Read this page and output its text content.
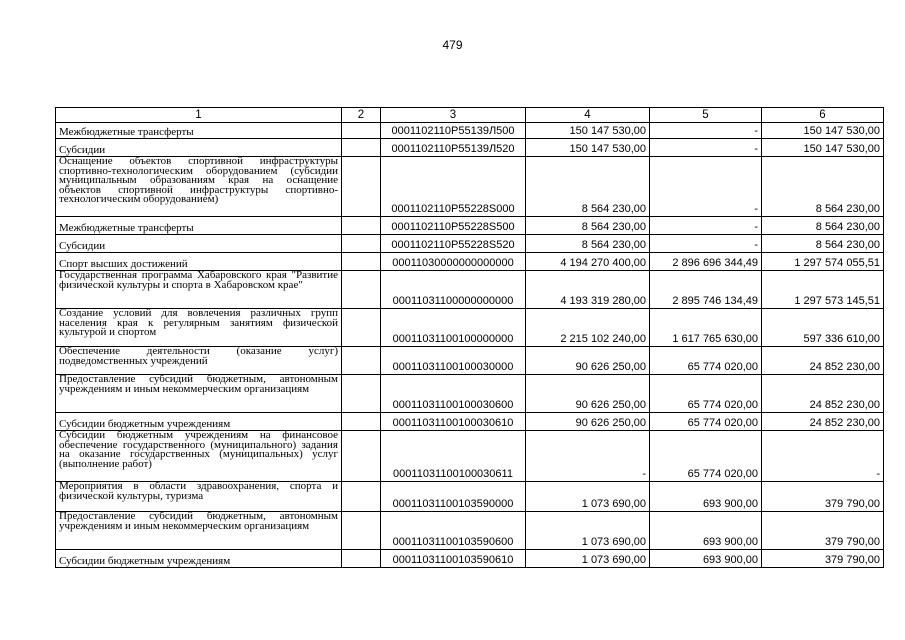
479
1	2	3	4	5	6
Межбюджетные трансферты		0001102110P55139Л500	150 147 530,00	-	150 147 530,00
Субсидии		0001102110P55139Л520	150 147 530,00	-	150 147 530,00
Оснащение объектов спортивной инфраструктуры спортивно-технологическим оборудованием (субсидии муниципальным образованиям края на оснащение объектов спортивной инфраструктуры спортивно-технологическим оборудованием)		0001102110P55228S000	8 564 230,00	-	8 564 230,00
Межбюджетные трансферты		0001102110P55228S500	8 564 230,00	-	8 564 230,00
Субсидии		0001102110P55228S520	8 564 230,00	-	8 564 230,00
Спорт высших достижений		00011030000000000000	4 194 270 400,00	2 896 696 344,49	1 297 574 055,51
Государственная программа Хабаровского края "Развитие физической культуры и спорта в Хабаровском крае"		00011031100000000000	4 193 319 280,00	2 895 746 134,49	1 297 573 145,51
Создание условий для вовлечения различных групп населения края к регулярным занятиям физической культурой и спортом		00011031100100000000	2 215 102 240,00	1 617 765 630,00	597 336 610,00
Обеспечение деятельности (оказание услуг) подведомственных учреждений		00011031100100030000	90 626 250,00	65 774 020,00	24 852 230,00
Предоставление субсидий бюджетным, автономным учреждениям и иным некоммерческим организациям		00011031100100030600	90 626 250,00	65 774 020,00	24 852 230,00
Субсидии бюджетным учреждениям		00011031100100030610	90 626 250,00	65 774 020,00	24 852 230,00
Субсидии бюджетным учреждениям на финансовое обеспечение государственного (муниципального) задания на оказание государственных (муниципальных) услуг (выполнение работ)		00011031100100030611	-	65 774 020,00	-
Мероприятия в области здравоохранения, спорта и физической культуры, туризма		00011031100103590000	1 073 690,00	693 900,00	379 790,00
Предоставление субсидий бюджетным, автономным учреждениям и иным некоммерческим организациям		00011031100103590600	1 073 690,00	693 900,00	379 790,00
Субсидии бюджетным учреждениям		00011031100103590610	1 073 690,00	693 900,00	379 790,00
